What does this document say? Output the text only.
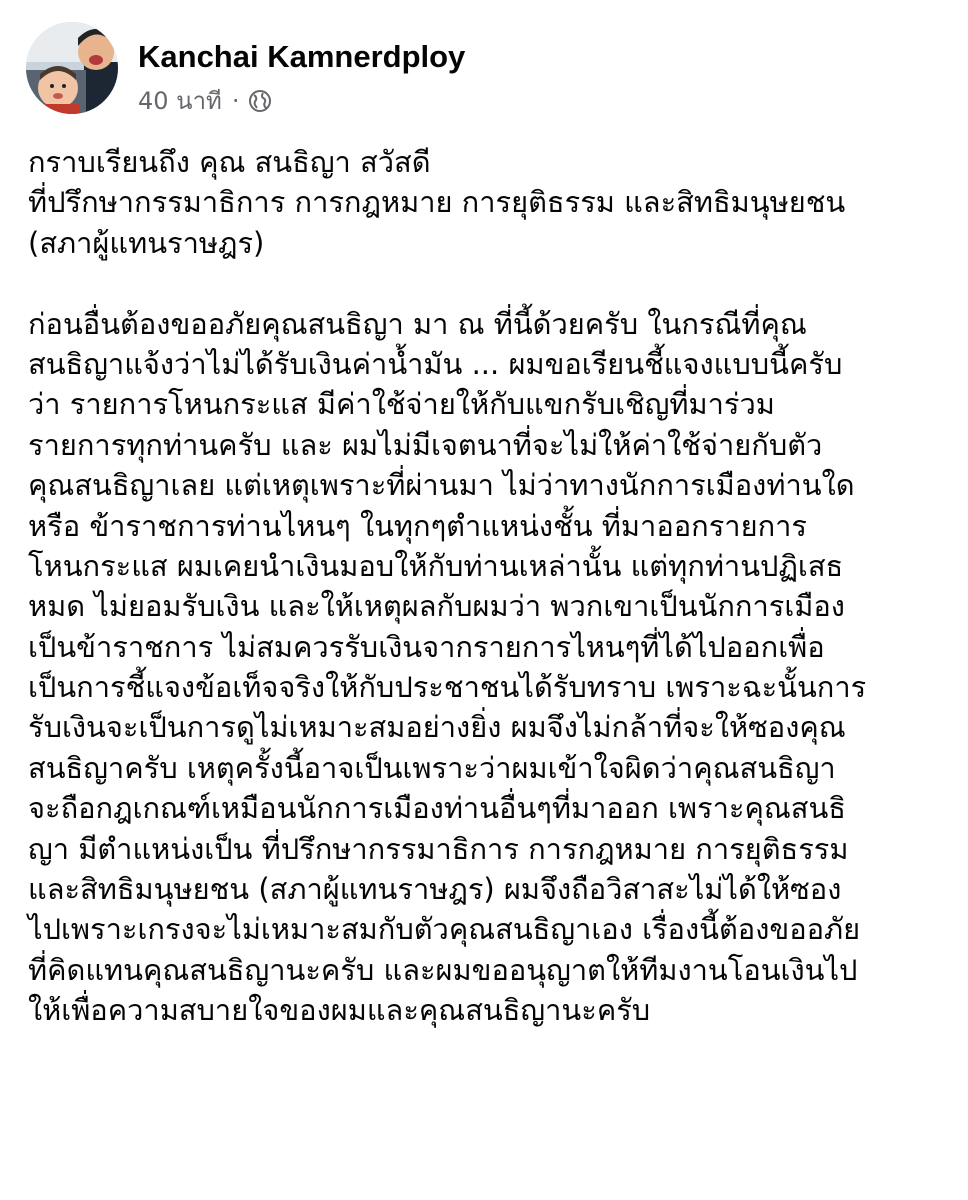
Kanchai Kamnerdploy
40 นาที ·
กราบเรียนถึง คุณ สนธิญา สวัสดี
ที่ปรึกษากรรมาธิการ การกฎหมาย การยุติธรรม และสิทธิมนุษยชน
(สภาผู้แทนราษฎร)
ก่อนอื่นต้องขออภัยคุณสนธิญา มา ณ ที่นี้ด้วยครับ ในกรณีที่คุณ
สนธิญาแจ้งว่าไม่ได้รับเงินค่าน้ำมัน ... ผมขอเรียนชี้แจงแบบนี้ครับ
ว่า รายการโหนกระแส มีค่าใช้จ่ายให้กับแขกรับเชิญที่มาร่วม
รายการทุกท่านครับ และ ผมไม่มีเจตนาที่จะไม่ให้ค่าใช้จ่ายกับตัว
คุณสนธิญาเลย แต่เหตุเพราะที่ผ่านมา ไม่ว่าทางนักการเมืองท่านใด
หรือ ข้าราชการท่านไหนๆ ในทุกๆตำแหน่งชั้น ที่มาออกรายการ
โหนกระแส ผมเคยนำเงินมอบให้กับท่านเหล่านั้น แต่ทุกท่านปฏิเสธ
หมด ไม่ยอมรับเงิน และให้เหตุผลกับผมว่า พวกเขาเป็นนักการเมือง
เป็นข้าราชการ ไม่สมควรรับเงินจากรายการไหนๆที่ได้ไปออกเพื่อ
เป็นการชี้แจงข้อเท็จจริงให้กับประชาชนได้รับทราบ เพราะฉะนั้นการ
รับเงินจะเป็นการดูไม่เหมาะสมอย่างยิ่ง ผมจึงไม่กล้าที่จะให้ซองคุณ
สนธิญาครับ เหตุครั้งนี้อาจเป็นเพราะว่าผมเข้าใจผิดว่าคุณสนธิญา
จะถือกฎเกณฑ์เหมือนนักการเมืองท่านอื่นๆที่มาออก เพราะคุณสนธิ
ญา มีตำแหน่งเป็น ที่ปรึกษากรรมาธิการ การกฎหมาย การยุติธรรม
และสิทธิมนุษยชน (สภาผู้แทนราษฎร) ผมจึงถือวิสาสะไม่ได้ให้ซอง
ไปเพราะเกรงจะไม่เหมาะสมกับตัวคุณสนธิญาเอง เรื่องนี้ต้องขออภัย
ที่คิดแทนคุณสนธิญานะครับ และผมขออนุญาตให้ทีมงานโอนเงินไป
ให้เพื่อความสบายใจของผมและคุณสนธิญานะครับ
